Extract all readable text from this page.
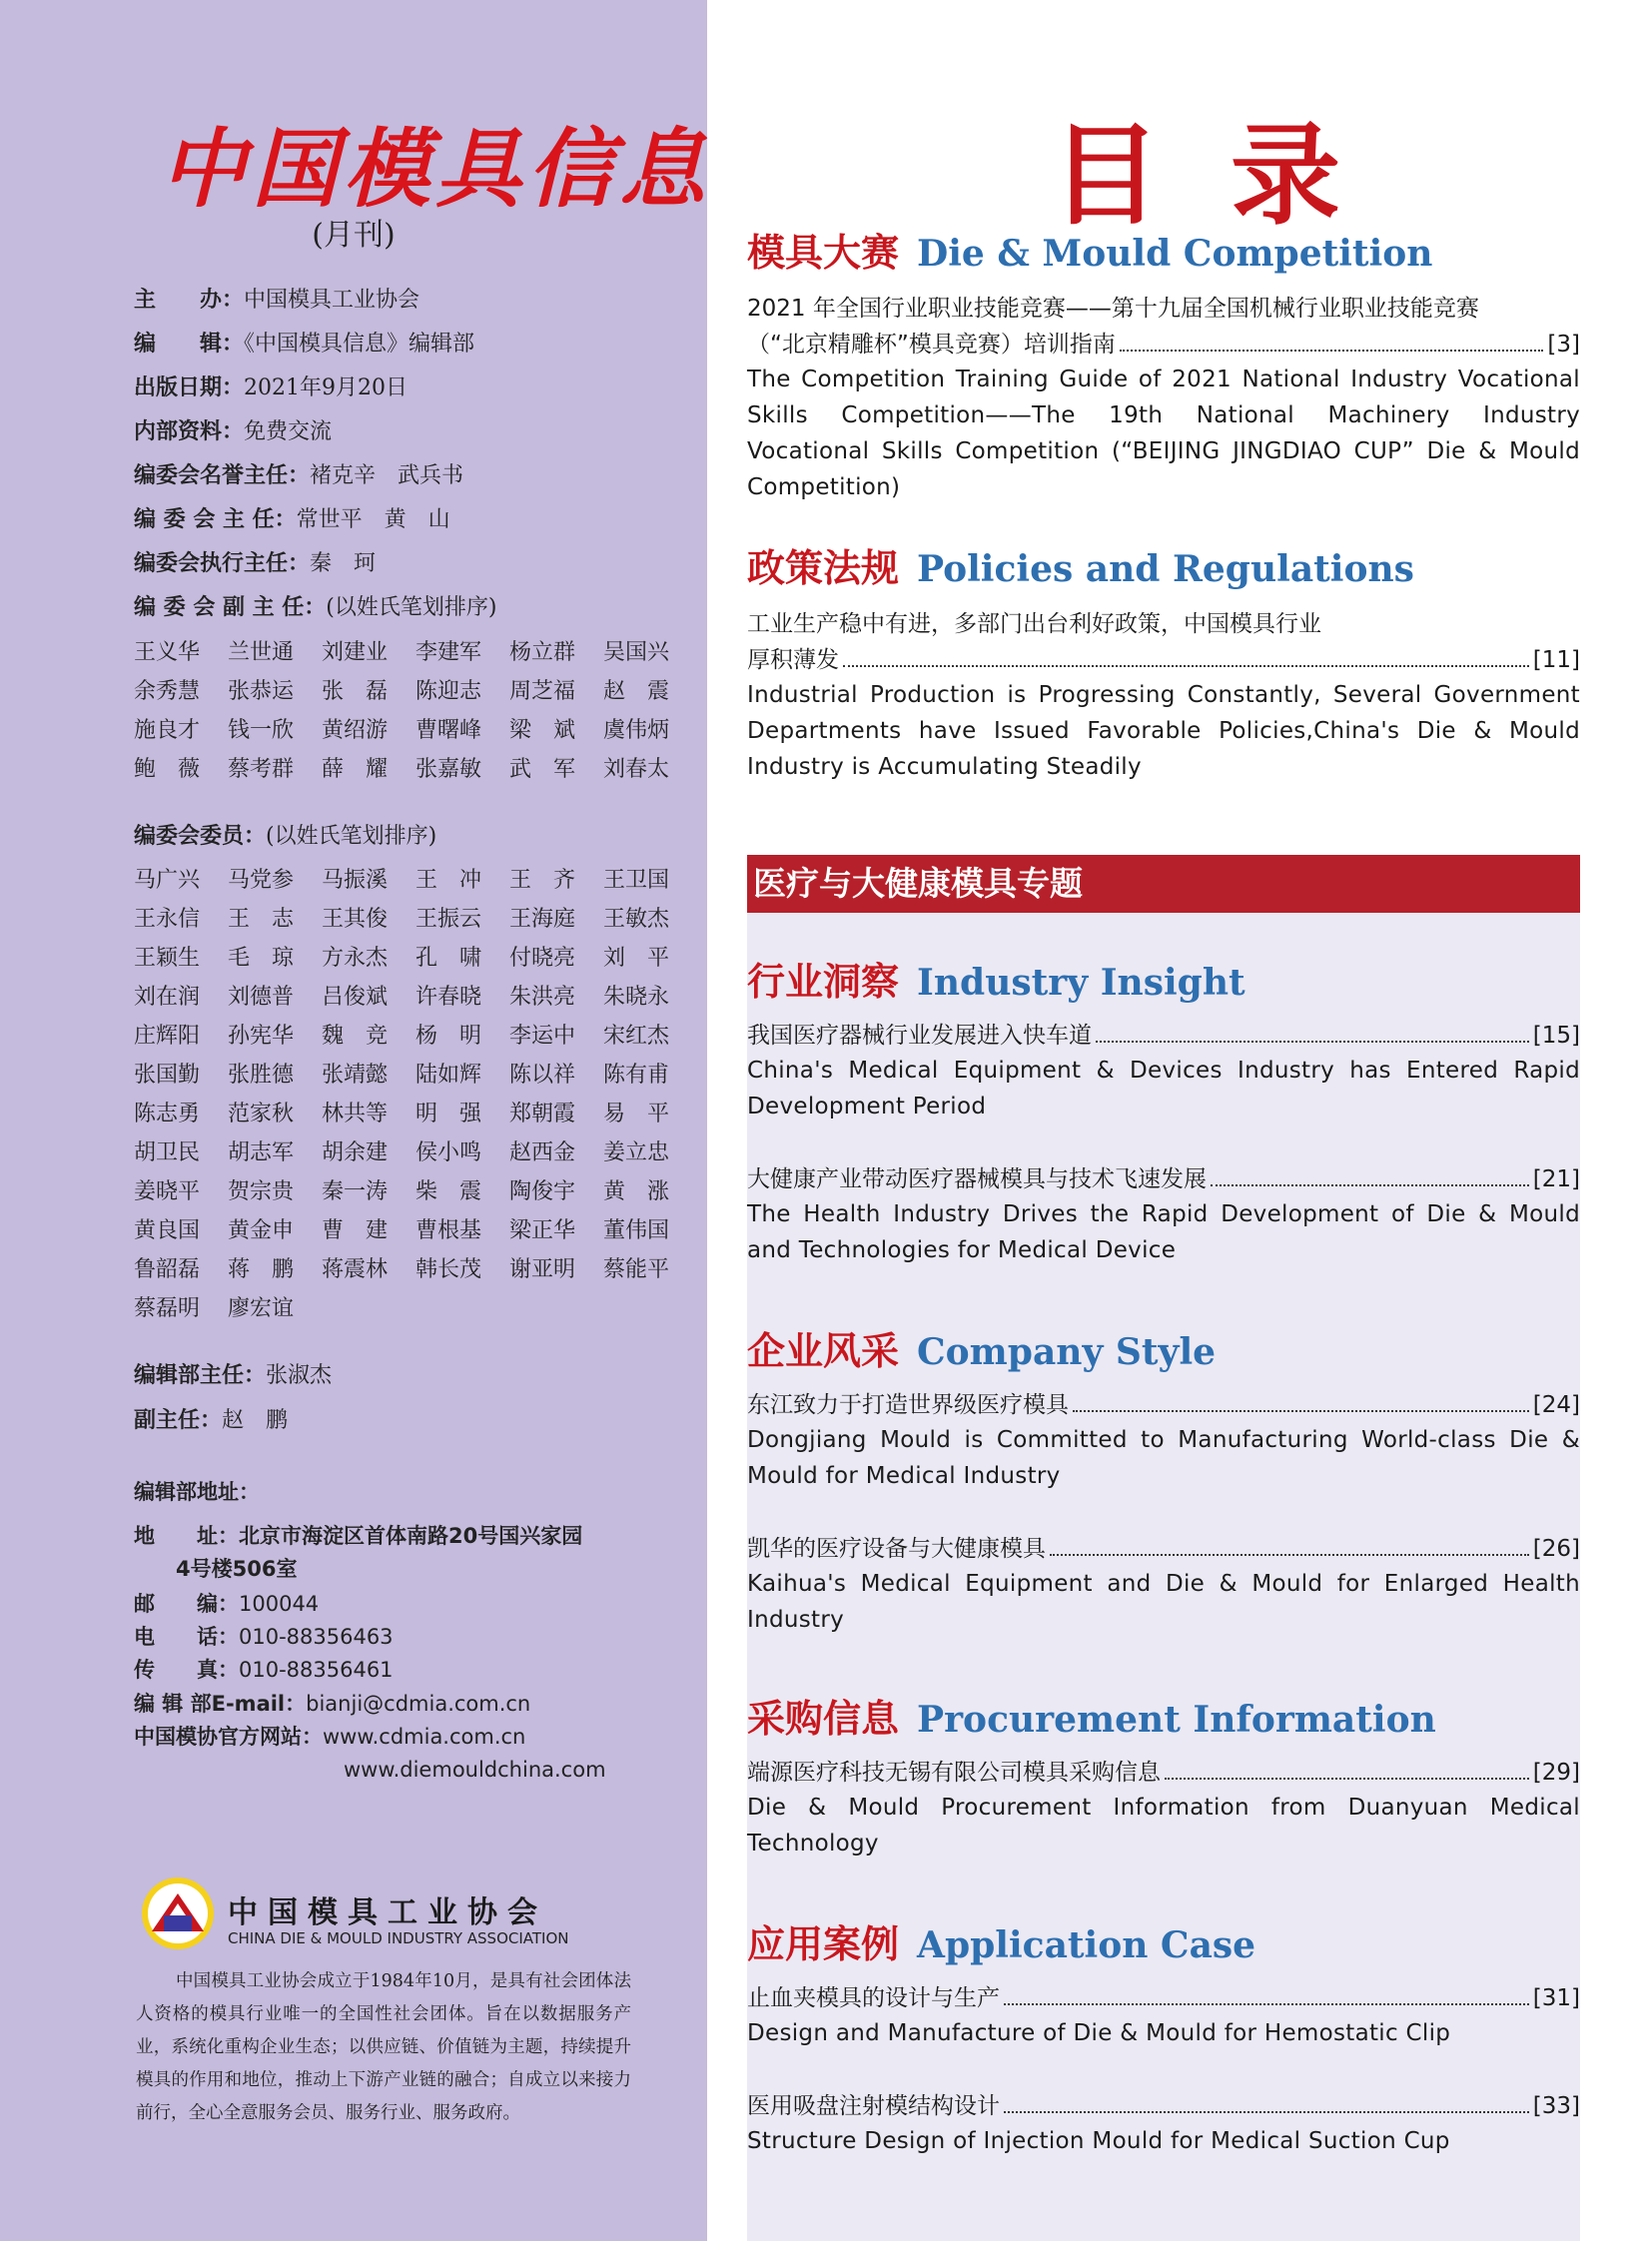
中国模具信息
(月刊)
主　　办：中国模具工业协会
编　　辑：《中国模具信息》编辑部
出版日期：2021年9月20日
内部资料：免费交流
编委会名誉主任：褚克辛　武兵书
编 委 会 主 任：常世平　黄　山
编委会执行主任：秦　珂
编 委 会 副 主 任：(以姓氏笔划排序)
王义华	兰世通	刘建业	李建军	杨立群	吴国兴
余秀慧	张恭运	张　磊	陈迎志	周芝福	赵　震
施良才	钱一欣	黄绍游	曹曙峰	梁　斌	虞伟炳
鲍　薇	蔡考群	薛　耀	张嘉敏	武　军	刘春太
编委会委员：(以姓氏笔划排序)
马广兴	马党参	马振溪	王　冲	王　齐	王卫国
王永信	王　志	王其俊	王振云	王海庭	王敏杰
王颖生	毛　琼	方永杰	孔　啸	付晓亮	刘　平
刘在润	刘德普	吕俊斌	许春晓	朱洪亮	朱晓永
庄辉阳	孙宪华	魏　竞	杨　明	李运中	宋红杰
张国勤	张胜德	张靖懿	陆如辉	陈以祥	陈有甫
陈志勇	范家秋	林共等	明　强	郑朝霞	易　平
胡卫民	胡志军	胡余建	侯小鸣	赵西金	姜立忠
姜晓平	贺宗贵	秦一涛	柴　震	陶俊宇	黄　涨
黄良国	黄金申	曹　建	曹根基	梁正华	董伟国
鲁韶磊	蒋　鹏	蒋震林	韩长茂	谢亚明	蔡能平
蔡磊明	廖宏谊
编辑部主任：张淑杰
副主任：赵　鹏
编辑部地址：
地　　址：北京市海淀区首体南路20号国兴家园
　　4号楼506室
邮　　编：100044
电　　话：010-88356463
传　　真：010-88356461
编 辑 部E-mail：bianji@cdmia.com.cn
中国模协官方网站：www.cdmia.com.cn
　　　　　　　　　　www.diemouldchina.com
中国模具工业协会
CHINA DIE & MOULD INDUSTRY ASSOCIATION
中国模具工业协会成立于1984年10月，是具有社会团体法人资格的模具行业唯一的全国性社会团体。旨在以数据服务产业，系统化重构企业生态；以供应链、价值链为主题，持续提升模具的作用和地位，推动上下游产业链的融合；自成立以来接力前行，全心全意服务会员、服务行业、服务政府。
目录
医疗与大健康模具专题
模具大赛 Die & Mould Competition
2021 年全国行业职业技能竞赛——第十九届全国机械行业职业技能竞赛
（“北京精雕杯”模具竞赛）培训指南	[3]
The Competition Training Guide of 2021 National Industry Vocational Skills Competition——The 19th National Machinery Industry Vocational Skills Competition (“BEIJING JINGDIAO CUP” Die & Mould Competition)
政策法规 Policies and Regulations
工业生产稳中有进，多部门出台利好政策，中国模具行业
厚积薄发	[11]
Industrial Production is Progressing Constantly, Several Government Departments have Issued Favorable Policies,China's Die & Mould Industry is Accumulating Steadily
行业洞察 Industry Insight
我国医疗器械行业发展进入快车道	[15]
China's Medical Equipment & Devices Industry has Entered Rapid Development Period
大健康产业带动医疗器械模具与技术飞速发展	[21]
The Health Industry Drives the Rapid Development of Die & Mould and Technologies for Medical Device
企业风采 Company Style
东江致力于打造世界级医疗模具	[24]
Dongjiang Mould is Committed to Manufacturing World-class Die & Mould for Medical Industry
凯华的医疗设备与大健康模具	[26]
Kaihua's Medical Equipment and Die & Mould for Enlarged Health Industry
采购信息 Procurement Information
端源医疗科技无锡有限公司模具采购信息	[29]
Die & Mould Procurement Information from Duanyuan Medical Technology
应用案例 Application Case
止血夹模具的设计与生产	[31]
Design and Manufacture of Die & Mould for Hemostatic Clip
医用吸盘注射模结构设计	[33]
Structure Design of Injection Mould for Medical Suction Cup
